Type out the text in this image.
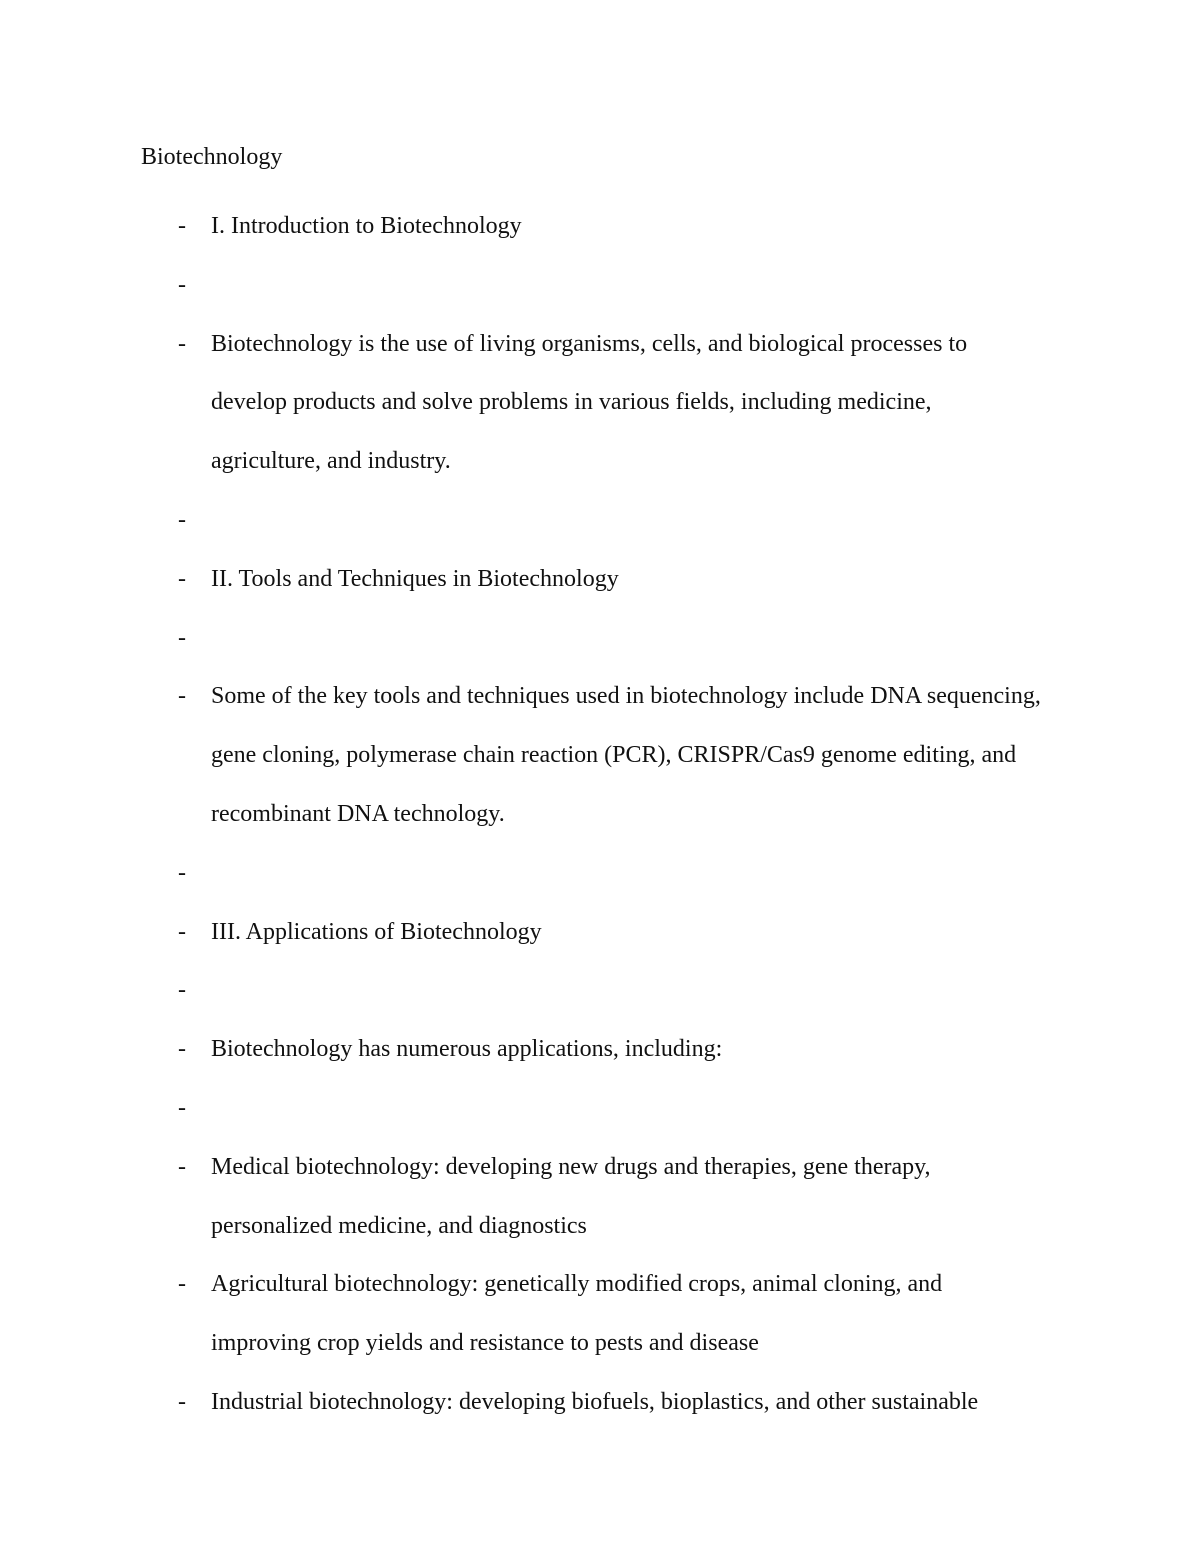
Biotechnology
- I. Introduction to Biotechnology
-
- Biotechnology is the use of living organisms, cells, and biological processes to develop products and solve problems in various fields, including medicine, agriculture, and industry.
-
- II. Tools and Techniques in Biotechnology
-
- Some of the key tools and techniques used in biotechnology include DNA sequencing, gene cloning, polymerase chain reaction (PCR), CRISPR/Cas9 genome editing, and recombinant DNA technology.
-
- III. Applications of Biotechnology
-
- Biotechnology has numerous applications, including:
-
- Medical biotechnology: developing new drugs and therapies, gene therapy, personalized medicine, and diagnostics
- Agricultural biotechnology: genetically modified crops, animal cloning, and improving crop yields and resistance to pests and disease
- Industrial biotechnology: developing biofuels, bioplastics, and other sustainable
